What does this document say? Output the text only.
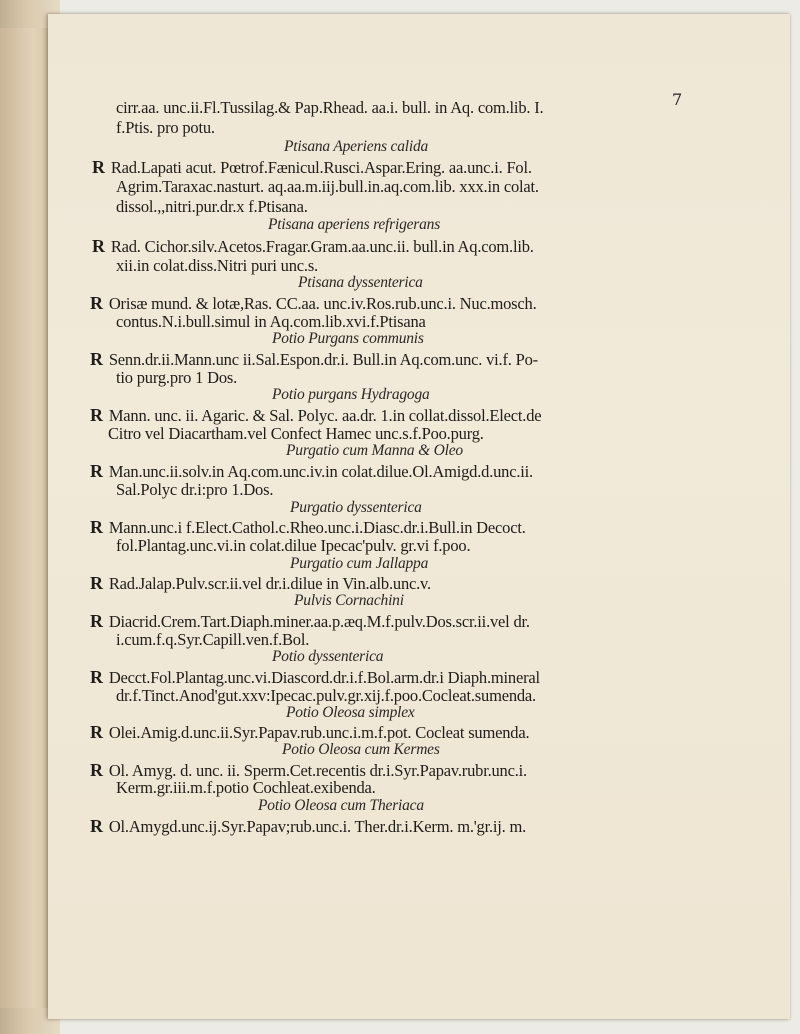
7
cirr.aa. unc.ii.Fl.Tussilag.& Pap.Rhead. aa.i. bull. in Aq. com.lib. I.
f.Ptis. pro potu.
Ptisana Aperiens calida
R Rad.Lapati acut. Pœtrof.Fænicul.Rusci.Aspar.Ering. aa.unc.i. Fol.
Agrim.Taraxac.nasturt. aq.aa.m.iij.bull.in.aq.com.lib. xxx.in colat.
dissol.,,nitri.pur.dr.x f.Ptisana.
Ptisana aperiens refrigerans
R Rad. Cichor.silv.Acetos.Fragar.Gram.aa.unc.ii. bull.in Aq.com.lib.
xii.in colat.diss.Nitri puri unc.s.
Ptisana dyssenterica
R Orisæ mund. & lotæ,Ras. CC.aa. unc.iv.Ros.rub.unc.i. Nuc.mosch.
contus.N.i.bull.simul in Aq.com.lib.xvi.f.Ptisana
Potio Purgans communis
R Senn.dr.ii.Mann.unc ii.Sal.Espon.dr.i. Bull.in Aq.com.unc. vi.f. Po-
tio purg.pro 1 Dos.
Potio purgans Hydragoga
R Mann. unc. ii. Agaric. & Sal. Polyc. aa.dr. 1.in collat.dissol.Elect.de
Citro vel Diacartham.vel Confect Hamec unc.s.f.Poo.purg.
Purgatio cum Manna & Oleo
R Man.unc.ii.solv.in Aq.com.unc.iv.in colat.dilue.Ol.Amigd.d.unc.ii.
Sal.Polyc dr.i:pro 1.Dos.
Purgatio dyssenterica
R Mann.unc.i f.Elect.Cathol.c.Rheo.unc.i.Diasc.dr.i.Bull.in Decoct.
fol.Plantag.unc.vi.in colat.dilue Ipecac'pulv. gr.vi f.poo.
Purgatio cum Jallappa
R Rad.Jalap.Pulv.scr.ii.vel dr.i.dilue in Vin.alb.unc.v.
Pulvis Cornachini
R Diacrid.Crem.Tart.Diaph.miner.aa.p.æq.M.f.pulv.Dos.scr.ii.vel dr.
i.cum.f.q.Syr.Capill.ven.f.Bol.
Potio dyssenterica
R Decct.Fol.Plantag.unc.vi.Diascord.dr.i.f.Bol.arm.dr.i Diaph.mineral
dr.f.Tinct.Anod'gut.xxv:Ipecac.pulv.gr.xij.f.poo.Cocleat.sumenda.
Potio Oleosa simplex
R Olei.Amig.d.unc.ii.Syr.Papav.rub.unc.i.m.f.pot. Cocleat sumenda.
Potio Oleosa cum Kermes
R Ol. Amyg. d. unc. ii. Sperm.Cet.recentis dr.i.Syr.Papav.rubr.unc.i.
Kerm.gr.iii.m.f.potio Cochleat.exibenda.
Potio Oleosa cum Theriaca
R Ol.Amygd.unc.ij.Syr.Papav;rub.unc.i. Ther.dr.i.Kerm. m.'gr.ij. m.
